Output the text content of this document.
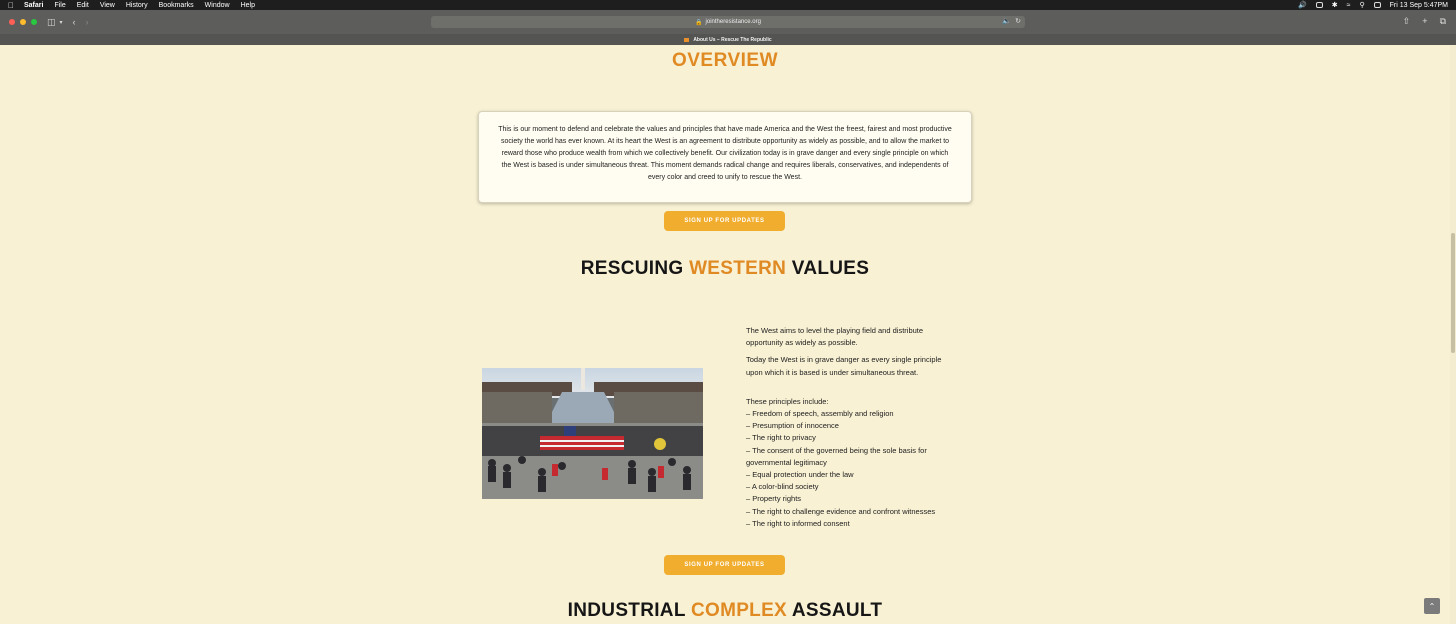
Safari File Edit View History Bookmarks Window Help	🔊	✱ ≈ ⚲	Fri 13 Sep 5:47PM
◫ ▾ ‹ ›	🔒 jointheresistance.org	🔈 ↻	⇧ + ⧉
About Us – Rescue The Republic
OVERVIEW

This is our moment to defend and celebrate the values and principles that have made America and the West the freest, fairest and most productive society the world has ever known. At its heart the West is an agreement to distribute opportunity as widely as possible, and to allow the market to reward those who produce wealth from which we collectively benefit. Our civilization today is in grave danger and every single principle on which the West is based is under simultaneous threat. This moment demands radical change and requires liberals, conservatives, and independents of every color and creed to unify to rescue the West.

SIGN UP FOR UPDATES
RESCUING WESTERN VALUES

The West aims to level the playing field and distribute opportunity as widely as possible.

Today the West is in grave danger as every single principle upon which it is based is under simultaneous threat.

These principles include:
– Freedom of speech, assembly and religion
– Presumption of innocence
– The right to privacy
– The consent of the governed being the sole basis for governmental legitimacy
– Equal protection under the law
– A color-blind society
– Property rights
– The right to challenge evidence and confront witnesses
– The right to informed consent
SIGN UP FOR UPDATES
INDUSTRIAL COMPLEX ASSAULT	⌃
